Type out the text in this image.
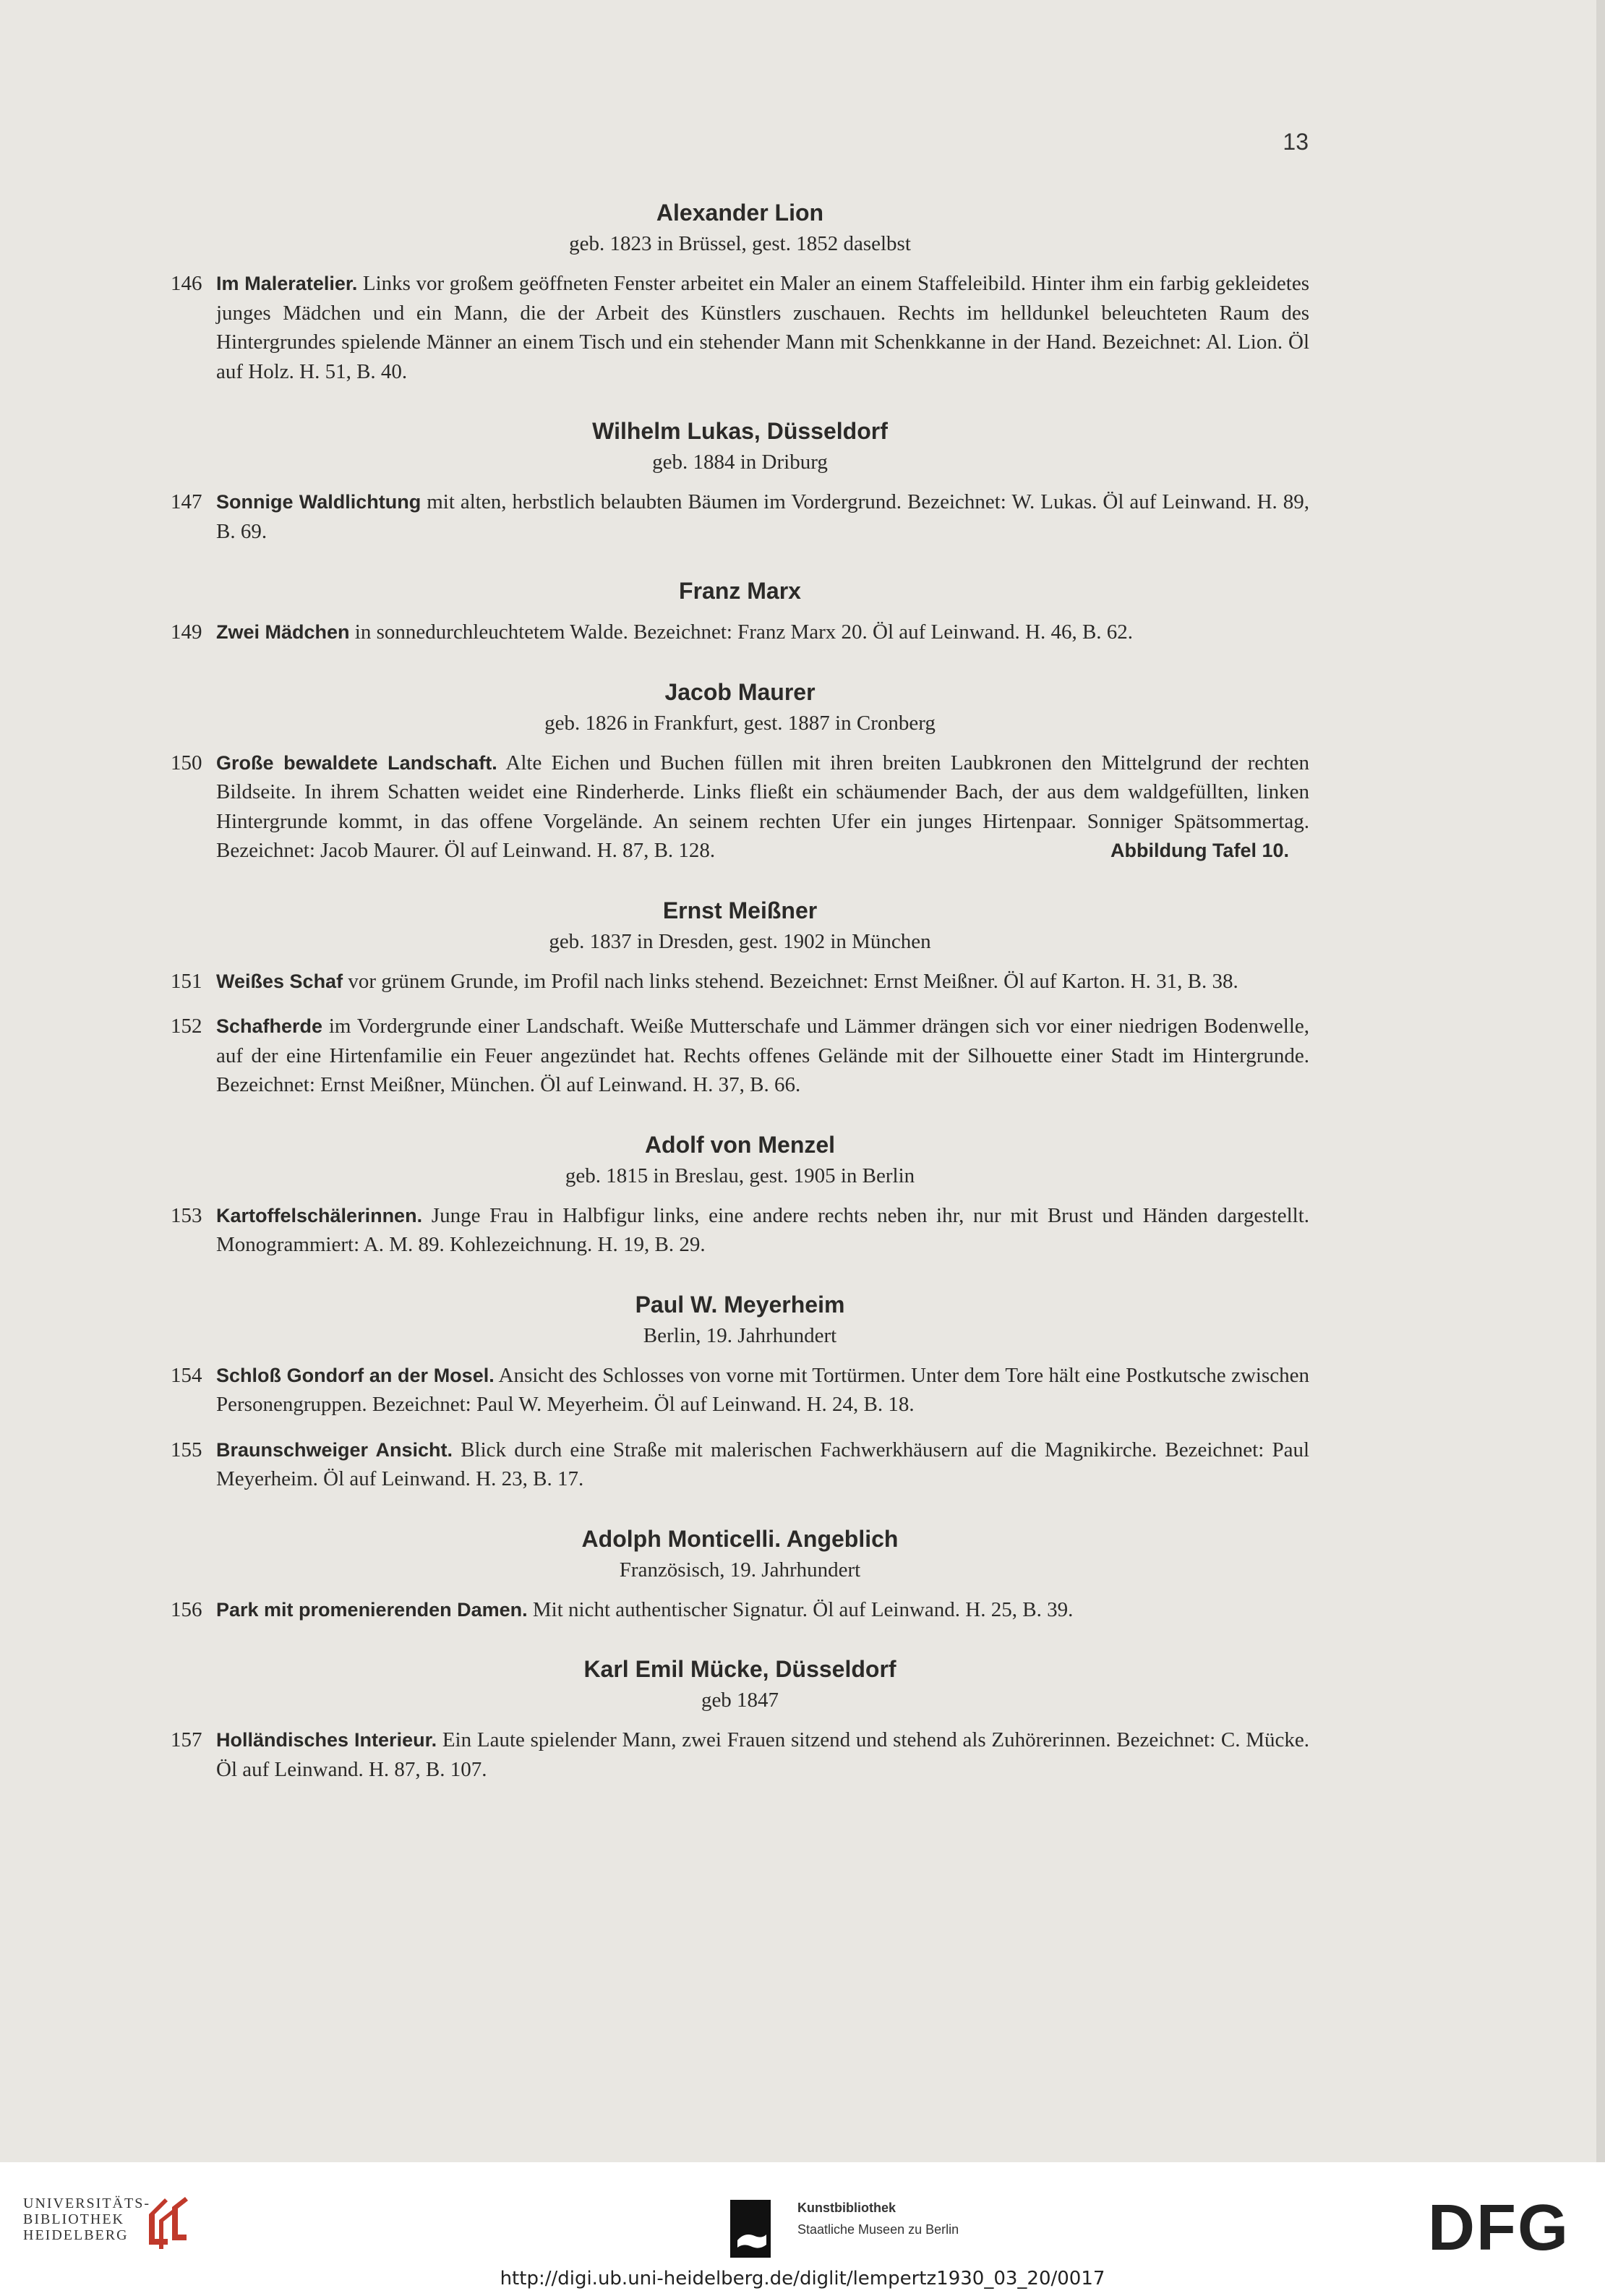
13
Alexander Lion
geb. 1823 in Brüssel, gest. 1852 daselbst
146 Im Maleratelier. Links vor großem geöffneten Fenster arbeitet ein Maler an einem Staffeleibild. Hinter ihm ein farbig gekleidetes junges Mädchen und ein Mann, die der Arbeit des Künstlers zuschauen. Rechts im helldunkel beleuchteten Raum des Hintergrundes spielende Männer an einem Tisch und ein stehender Mann mit Schenkkanne in der Hand. Bezeichnet: Al. Lion. Öl auf Holz. H. 51, B. 40.
Wilhelm Lukas, Düsseldorf
geb. 1884 in Driburg
147 Sonnige Waldlichtung mit alten, herbstlich belaubten Bäumen im Vordergrund. Bezeichnet: W. Lukas. Öl auf Leinwand. H. 89, B. 69.
Franz Marx
149 Zwei Mädchen in sonnedurchleuchtetem Walde. Bezeichnet: Franz Marx 20. Öl auf Leinwand. H. 46, B. 62.
Jacob Maurer
geb. 1826 in Frankfurt, gest. 1887 in Cronberg
150 Große bewaldete Landschaft. Alte Eichen und Buchen füllen mit ihren breiten Laubkronen den Mittelgrund der rechten Bildseite. In ihrem Schatten weidet eine Rinderherde. Links fließt ein schäumender Bach, der aus dem waldgefüllten, linken Hintergrunde kommt, in das offene Vorgelände. An seinem rechten Ufer ein junges Hirtenpaar. Sonniger Spätsommertag. Bezeichnet: Jacob Maurer. Öl auf Leinwand. H. 87, B. 128.	Abbildung Tafel 10.
Ernst Meißner
geb. 1837 in Dresden, gest. 1902 in München
151 Weißes Schaf vor grünem Grunde, im Profil nach links stehend. Bezeichnet: Ernst Meißner. Öl auf Karton. H. 31, B. 38.
152 Schafherde im Vordergrunde einer Landschaft. Weiße Mutterschafe und Lämmer drängen sich vor einer niedrigen Bodenwelle, auf der eine Hirtenfamilie ein Feuer angezündet hat. Rechts offenes Gelände mit der Silhouette einer Stadt im Hintergrunde. Bezeichnet: Ernst Meißner, München. Öl auf Leinwand. H. 37, B. 66.
Adolf von Menzel
geb. 1815 in Breslau, gest. 1905 in Berlin
153 Kartoffelschälerinnen. Junge Frau in Halbfigur links, eine andere rechts neben ihr, nur mit Brust und Händen dargestellt. Monogrammiert: A. M. 89. Kohlezeichnung. H. 19, B. 29.
Paul W. Meyerheim
Berlin, 19. Jahrhundert
154 Schloß Gondorf an der Mosel. Ansicht des Schlosses von vorne mit Tortürmen. Unter dem Tore hält eine Postkutsche zwischen Personengruppen. Bezeichnet: Paul W. Meyerheim. Öl auf Leinwand. H. 24, B. 18.
155 Braunschweiger Ansicht. Blick durch eine Straße mit malerischen Fachwerkhäusern auf die Magnikirche. Bezeichnet: Paul Meyerheim. Öl auf Leinwand. H. 23, B. 17.
Adolph Monticelli. Angeblich
Französisch, 19. Jahrhundert
156 Park mit promenierenden Damen. Mit nicht authentischer Signatur. Öl auf Leinwand. H. 25, B. 39.
Karl Emil Mücke, Düsseldorf
geb 1847
157 Holländisches Interieur. Ein Laute spielender Mann, zwei Frauen sitzend und stehend als Zuhörerinnen. Bezeichnet: C. Mücke. Öl auf Leinwand. H. 87, B. 107.
UNIVERSITÄTS-
BIBLIOTHEK
HEIDELBERG
Kunstbibliothek
Staatliche Museen zu Berlin	DFG
http://digi.ub.uni-heidelberg.de/diglit/lempertz1930_03_20/0017
